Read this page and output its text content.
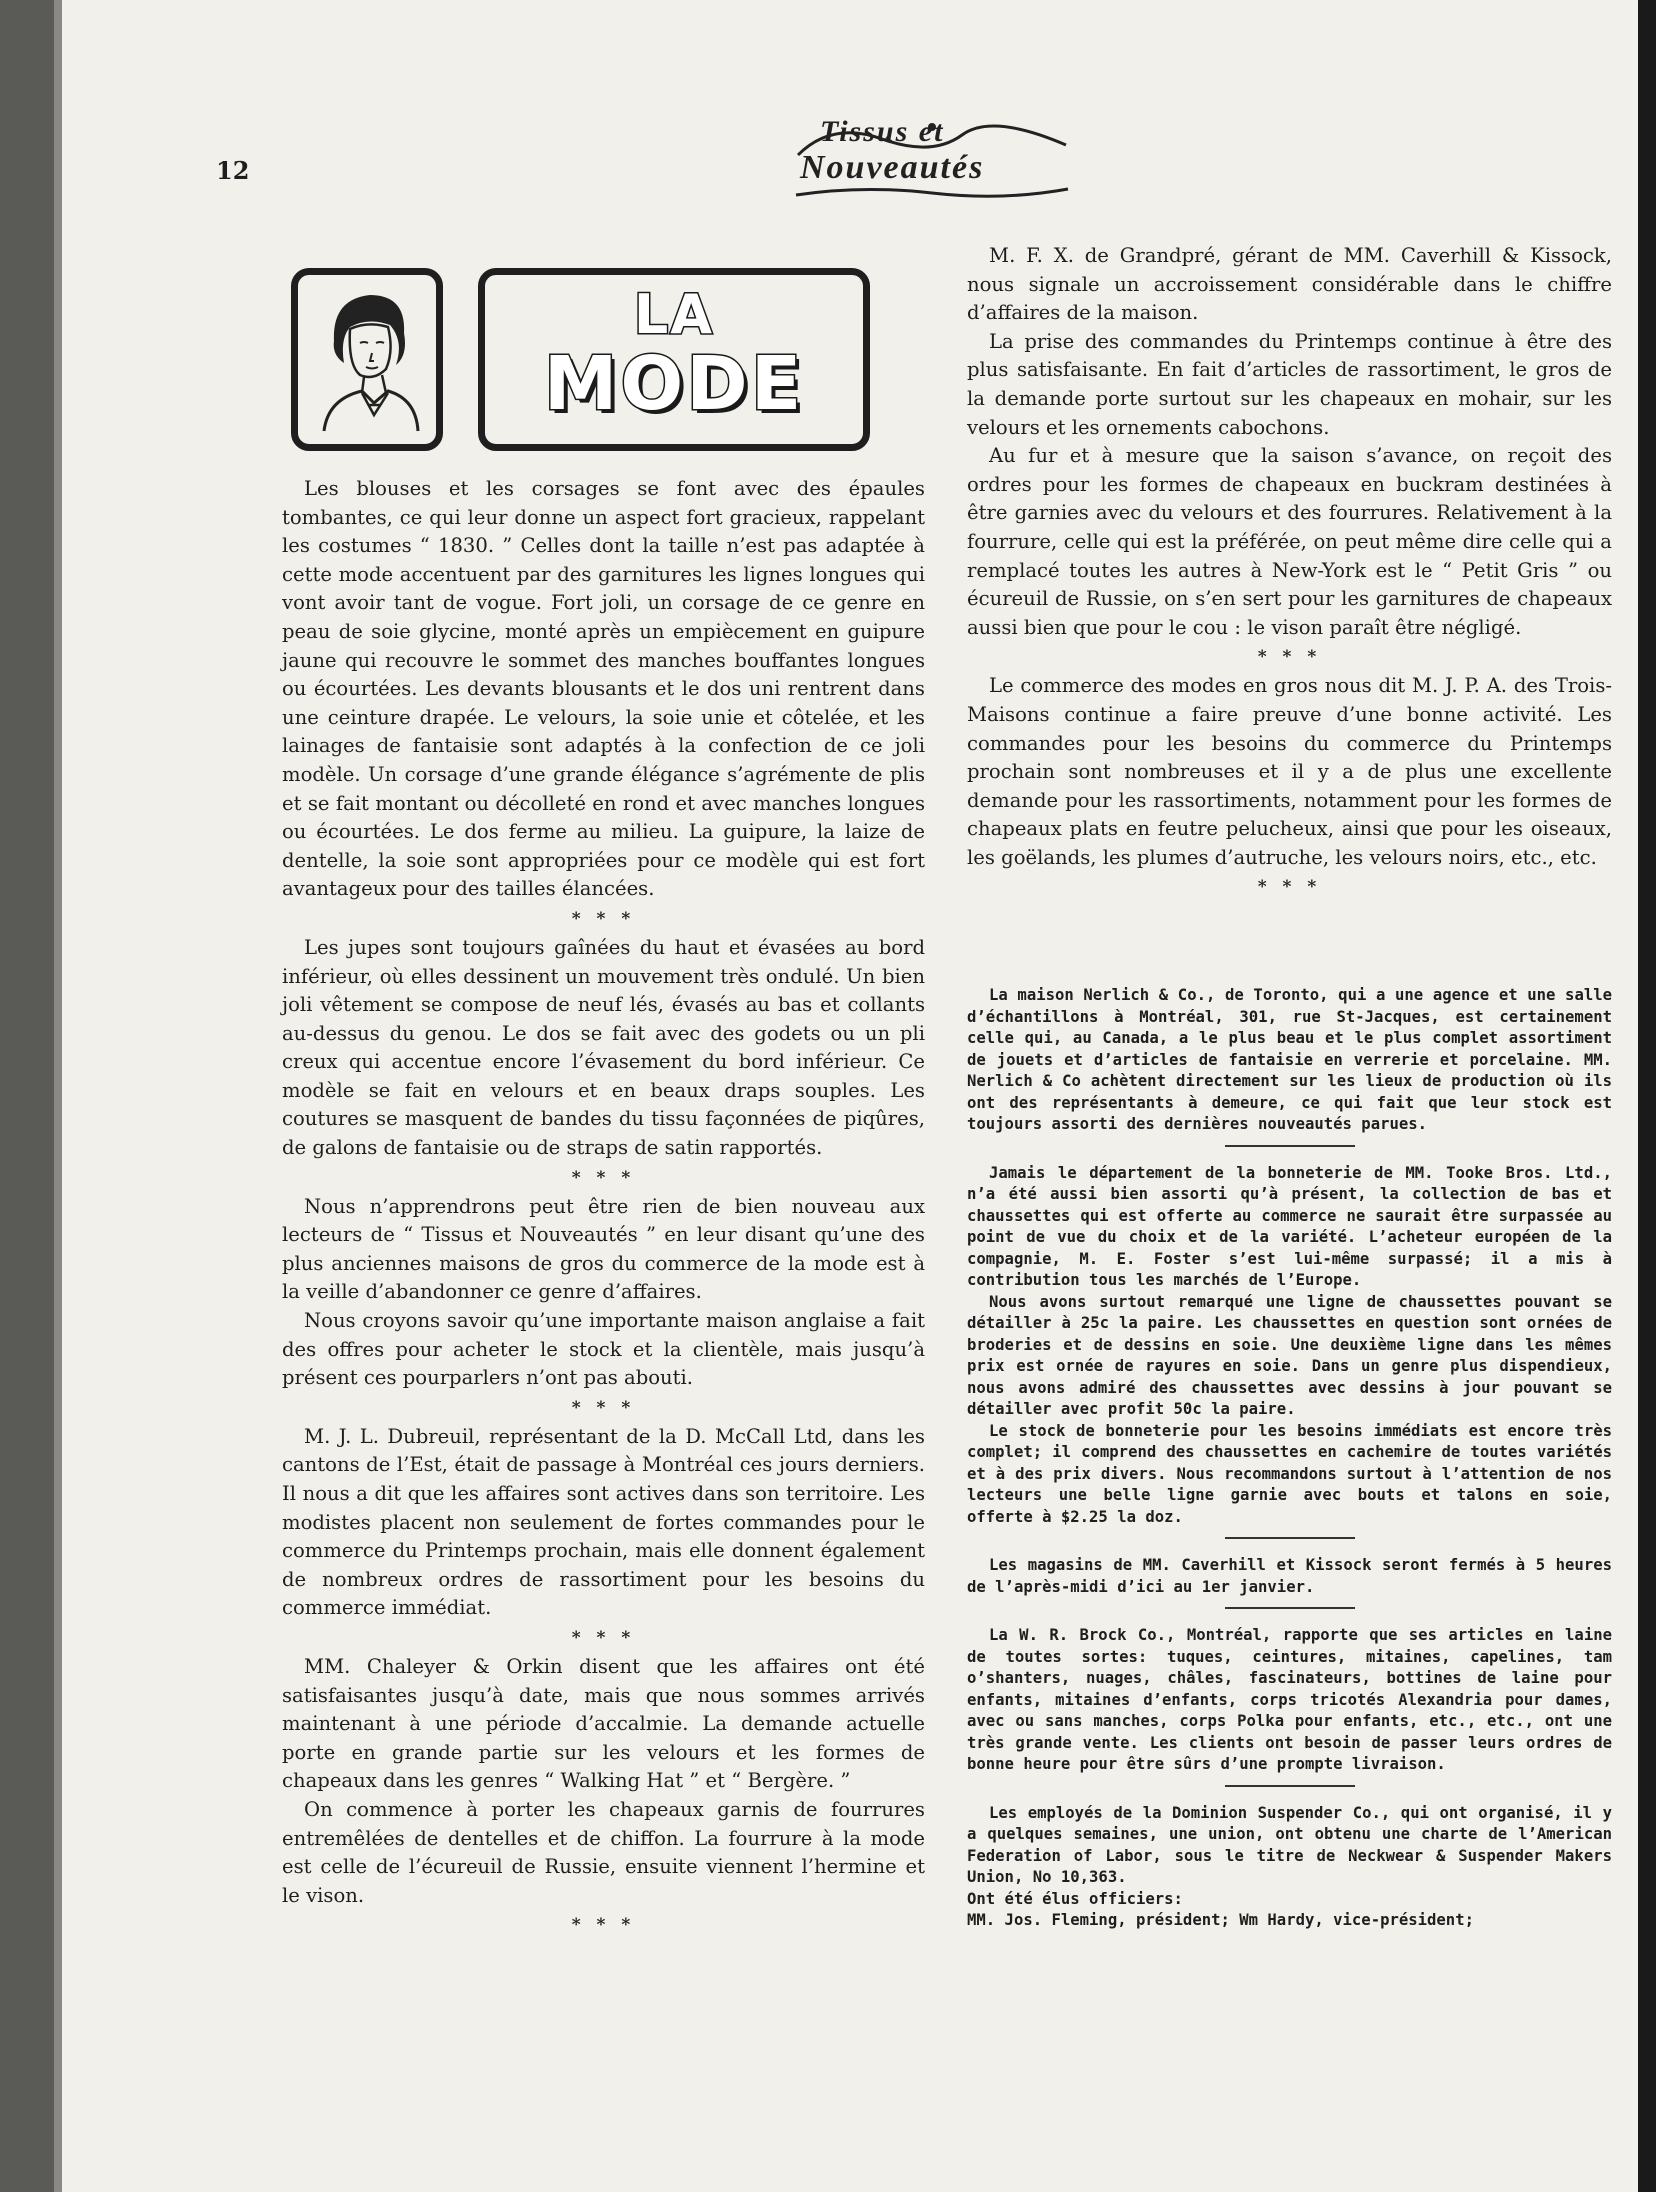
12
Tissus et
Nouveautés
LA
MODE

Les blouses et les corsages se font avec des épaules tombantes, ce qui leur donne un aspect fort gracieux, rappelant les costumes “ 1830. ” Celles dont la taille n’est pas adaptée à cette mode accentuent par des garnitures les lignes longues qui vont avoir tant de vogue. Fort joli, un corsage de ce genre en peau de soie glycine, monté après un empiècement en guipure jaune qui recouvre le sommet des manches bouffantes longues ou écourtées. Les devants blousants et le dos uni rentrent dans une ceinture drapée. Le velours, la soie unie et côtelée, et les lainages de fantaisie sont adaptés à la confection de ce joli modèle. Un corsage d’une grande élégance s’agrémente de plis et se fait montant ou décolleté en rond et avec manches longues ou écourtées. Le dos ferme au milieu. La guipure, la laize de dentelle, la soie sont appropriées pour ce modèle qui est fort avantageux pour des tailles élancées.

* * *

Les jupes sont toujours gaînées du haut et évasées au bord inférieur, où elles dessinent un mouvement très ondulé. Un bien joli vêtement se compose de neuf lés, évasés au bas et collants au-dessus du genou. Le dos se fait avec des godets ou un pli creux qui accentue encore l’évasement du bord inférieur. Ce modèle se fait en velours et en beaux draps souples. Les coutures se masquent de bandes du tissu façonnées de piqûres, de galons de fantaisie ou de straps de satin rapportés.

* * *

Nous n’apprendrons peut être rien de bien nouveau aux lecteurs de “ Tissus et Nouveautés ” en leur disant qu’une des plus anciennes maisons de gros du commerce de la mode est à la veille d’abandonner ce genre d’affaires.

Nous croyons savoir qu’une importante maison anglaise a fait des offres pour acheter le stock et la clientèle, mais jusqu’à présent ces pourparlers n’ont pas abouti.

* * *

M. J. L. Dubreuil, représentant de la D. McCall Ltd, dans les cantons de l’Est, était de passage à Montréal ces jours derniers. Il nous a dit que les affaires sont actives dans son territoire. Les modistes placent non seulement de fortes commandes pour le commerce du Printemps prochain, mais elle donnent également de nombreux ordres de rassortiment pour les besoins du commerce immédiat.

* * *

MM. Chaleyer & Orkin disent que les affaires ont été satisfaisantes jusqu’à date, mais que nous sommes arrivés maintenant à une période d’accalmie. La demande actuelle porte en grande partie sur les velours et les formes de chapeaux dans les genres “ Walking Hat ” et “ Bergère. ”

On commence à porter les chapeaux garnis de fourrures entremêlées de dentelles et de chiffon. La fourrure à la mode est celle de l’écureuil de Russie, ensuite viennent l’hermine et le vison.

* * *

M. F. X. de Grandpré, gérant de MM. Caverhill & Kissock, nous signale un accroissement considérable dans le chiffre d’affaires de la maison.

La prise des commandes du Printemps continue à être des plus satisfaisante. En fait d’articles de rassortiment, le gros de la demande porte surtout sur les chapeaux en mohair, sur les velours et les ornements cabochons.

Au fur et à mesure que la saison s’avance, on reçoit des ordres pour les formes de chapeaux en buckram destinées à être garnies avec du velours et des fourrures. Relativement à la fourrure, celle qui est la préférée, on peut même dire celle qui a remplacé toutes les autres à New-York est le “ Petit Gris ” ou écureuil de Russie, on s’en sert pour les garnitures de chapeaux aussi bien que pour le cou : le vison paraît être négligé.

* * *

Le commerce des modes en gros nous dit M. J. P. A. des Trois-Maisons continue a faire preuve d’une bonne activité. Les commandes pour les besoins du commerce du Printemps prochain sont nombreuses et il y a de plus une excellente demande pour les rassortiments, notamment pour les formes de chapeaux plats en feutre pelucheux, ainsi que pour les oiseaux, les goëlands, les plumes d’autruche, les velours noirs, etc., etc.

* * *

La maison Nerlich & Co., de Toronto, qui a une agence et une salle d’échantillons à Montréal, 301, rue St-Jacques, est certainement celle qui, au Canada, a le plus beau et le plus complet assortiment de jouets et d’articles de fantaisie en verrerie et porcelaine. MM. Nerlich & Co achètent directement sur les lieux de production où ils ont des représentants à demeure, ce qui fait que leur stock est toujours assorti des dernières nouveautés parues.

Jamais le département de la bonneterie de MM. Tooke Bros. Ltd., n’a été aussi bien assorti qu’à présent, la collection de bas et chaussettes qui est offerte au commerce ne saurait être surpassée au point de vue du choix et de la variété. L’acheteur européen de la compagnie, M. E. Foster s’est lui-même surpassé; il a mis à contribution tous les marchés de l’Europe.

Nous avons surtout remarqué une ligne de chaussettes pouvant se détailler à 25c la paire. Les chaussettes en question sont ornées de broderies et de dessins en soie. Une deuxième ligne dans les mêmes prix est ornée de rayures en soie. Dans un genre plus dispendieux, nous avons admiré des chaussettes avec dessins à jour pouvant se détailler avec profit 50c la paire.

Le stock de bonneterie pour les besoins immédiats est encore très complet; il comprend des chaussettes en cachemire de toutes variétés et à des prix divers. Nous recommandons surtout à l’attention de nos lecteurs une belle ligne garnie avec bouts et talons en soie, offerte à $2.25 la doz.

Les magasins de MM. Caverhill et Kissock seront fermés à 5 heures de l’après-midi d’ici au 1er janvier.

La W. R. Brock Co., Montréal, rapporte que ses articles en laine de toutes sortes: tuques, ceintures, mitaines, capelines, tam o’shanters, nuages, châles, fascinateurs, bottines de laine pour enfants, mitaines d’enfants, corps tricotés Alexandria pour dames, avec ou sans manches, corps Polka pour enfants, etc., etc., ont une très grande vente. Les clients ont besoin de passer leurs ordres de bonne heure pour être sûrs d’une prompte livraison.

Les employés de la Dominion Suspender Co., qui ont organisé, il y a quelques semaines, une union, ont obtenu une charte de l’American Federation of Labor, sous le titre de Neckwear & Suspender Makers Union, No 10,363.

Ont été élus officiers:

MM. Jos. Fleming, président; Wm Hardy, vice-président;
